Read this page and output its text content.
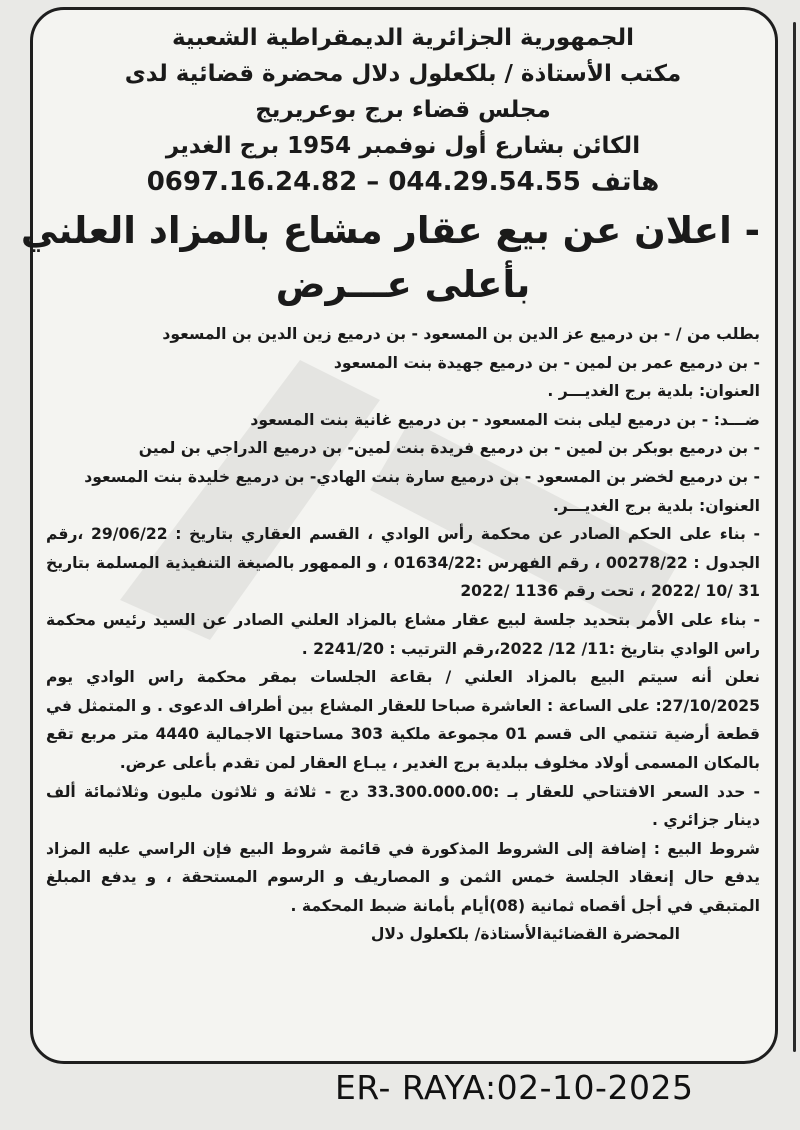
الجمهورية الجزائرية الديمقراطية الشعبية
مكتب الأستاذة / بلكعلول دلال محضرة قضائية لدى
مجلس قضاء برج بوعريريج
الكائن بشارع أول نوفمبر 1954 برج الغدير
0697.16.24.82 – 044.29.54.55 هاتف
- اعلان عن بيع عقار مشاع بالمزاد العلني
بأعلى عـــرض

بطلب من / - بن درميع عز الدين بن المسعود - بن درميع زين الدين بن المسعود

- بن درميع عمر بن لمين - بن درميع جهيدة بنت المسعود

العنوان: بلدية برج الغديـــر .

ضـــد: - بن درميع ليلى بنت المسعود - بن درميع غانية بنت المسعود

- بن درميع بوبكر بن لمين - بن درميع فريدة بنت لمين- بن درميع الدراجي بن لمين

- بن درميع لخضر بن المسعود - بن درميع سارة بنت الهادي- بن درميع خليدة بنت المسعود

العنوان: بلدية برج الغديـــر.

- بناء على الحكم الصادر عن محكمة رأس الوادي ، القسم العقاري بتاريخ : 29/06/22 ،رقم الجدول : 00278/22 ، رقم الفهرس :01634/22 ، و الممهور بالصيغة التنفيذية المسلمة بتاريخ 31 /10 /2022 ، تحت رقم 1136 /2022

- بناء على الأمر بتحديد جلسة لبيع عقار مشاع بالمزاد العلني الصادر عن السيد رئيس محكمة راس الوادي بتاريخ :11/ 12/ 2022،رقم الترتيب : 2241/20 .

نعلن أنه سيتم البيع بالمزاد العلني / بقاعة الجلسات بمقر محكمة راس الوادي يوم 27/10/2025: على الساعة : العاشرة صباحا للعقار المشاع بين أطراف الدعوى . و المتمثل في قطعة أرضية تنتمي الى قسم 01 مجموعة ملكية 303 مساحتها الاجمالية 4440 متر مربع تقع بالمكان المسمى أولاد مخلوف ببلدية برج الغدير ، يبـاع العقار لمن تقدم بأعلى عرض.

- حدد السعر الافتتاحي للعقار بـ :33.300.000.00 دج - ثلاثة و ثلاثون مليون وثلاثمائة ألف دينار جزائري .

شروط البيع : إضافة إلى الشروط المذكورة في قائمة شروط البيع فإن الراسي عليه المزاد يدفع حال إنعقاد الجلسة خمس الثمن و المصاريف و الرسوم المستحقة ، و يدفع المبلغ المتبقي في أجل أقصاه ثمانية (08)أيام بأمانة ضبط المحكمة .

المحضرة القضائيةالأستاذة/ بلكعلول دلال
ER- RAYA:02-10-2025
